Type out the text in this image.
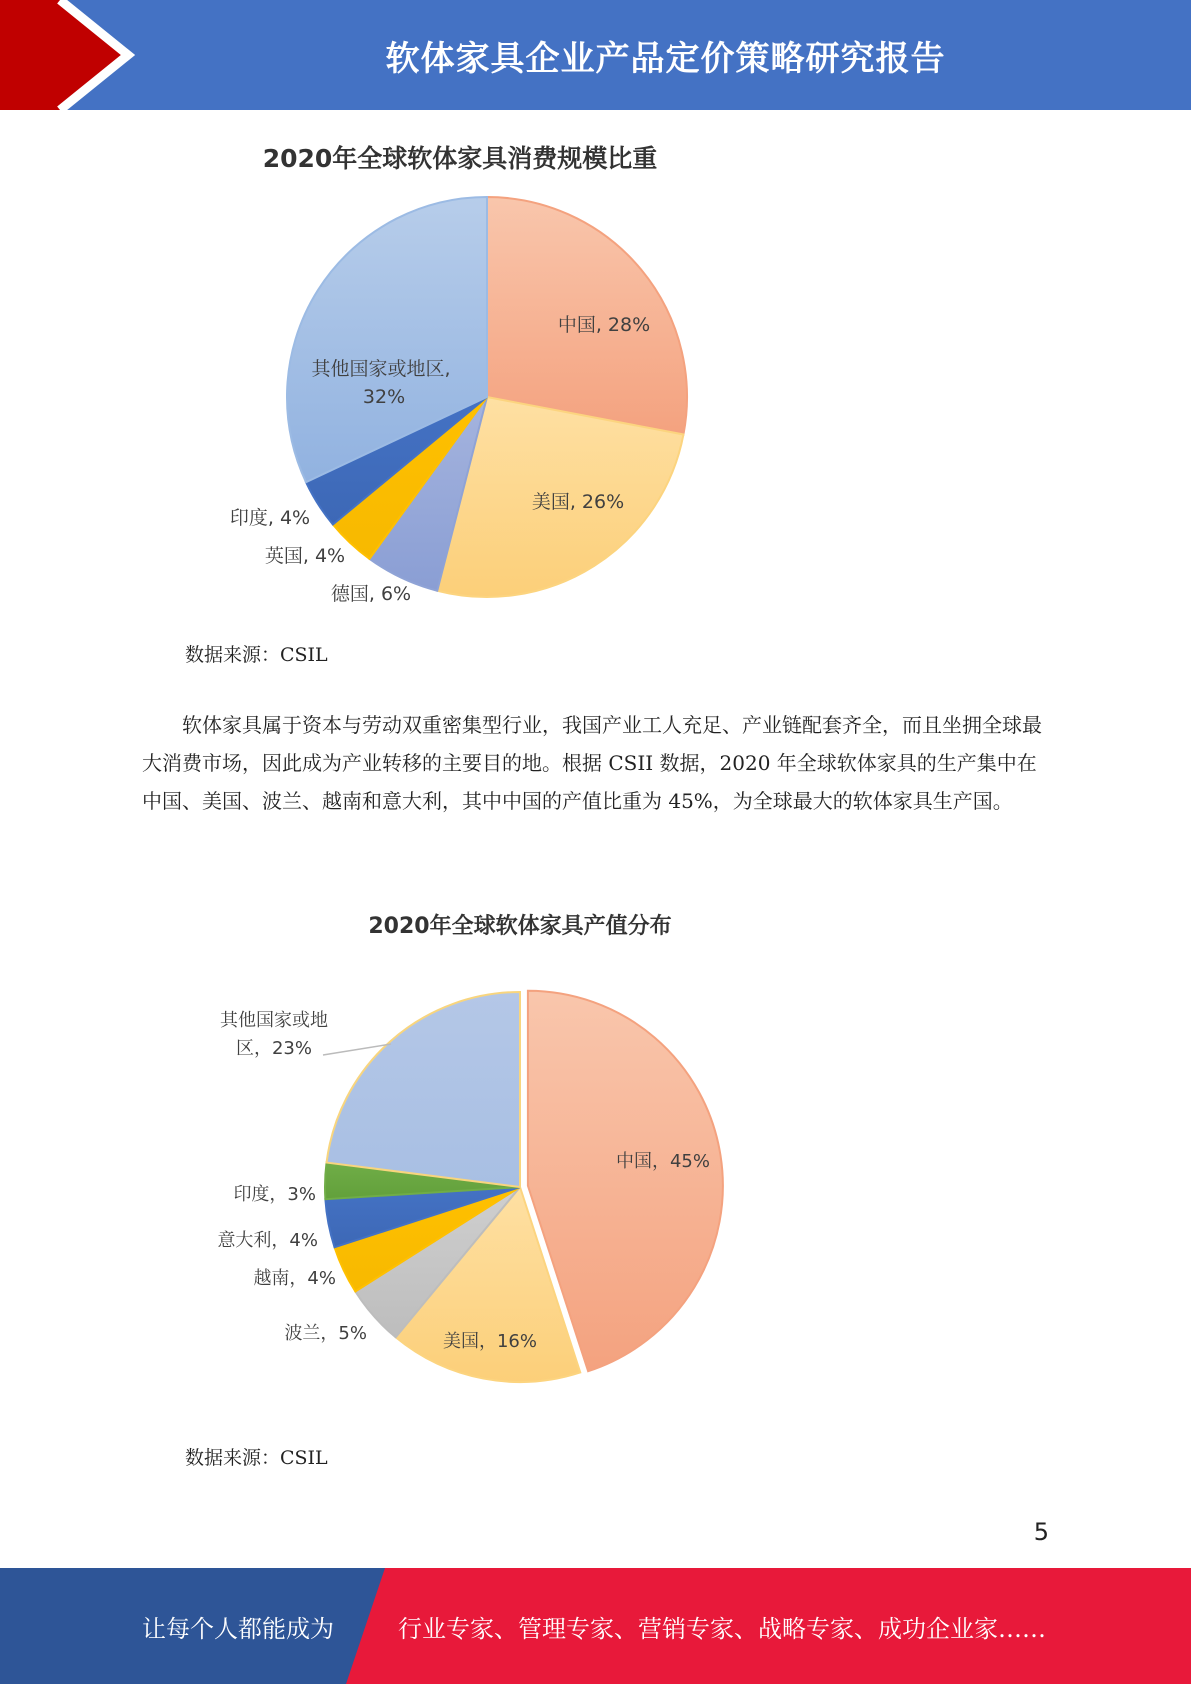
软体家具企业产品定价策略研究报告
2020年全球软体家具消费规模比重
中国, 28%
美国, 26%
德国, 6%
英国, 4%
印度, 4%
其他国家或地区, 32%
数据来源：CSIL

软体家具属于资本与劳动双重密集型行业，我国产业工人充足、产业链配套齐全，而且坐拥全球最大消费市场，因此成为产业转移的主要目的地。根据 CSII 数据，2020 年全球软体家具的生产集中在中国、美国、波兰、越南和意大利，其中中国的产值比重为 45%，为全球最大的软体家具生产国。

2020年全球软体家具产值分布
中国，45%
美国，16%
波兰，5%
越南，4%
意大利，4%
印度，3%
其他国家或地区，23%
数据来源：CSIL
5
让每个人都能成为	行业专家、管理专家、营销专家、战略专家、成功企业家……
